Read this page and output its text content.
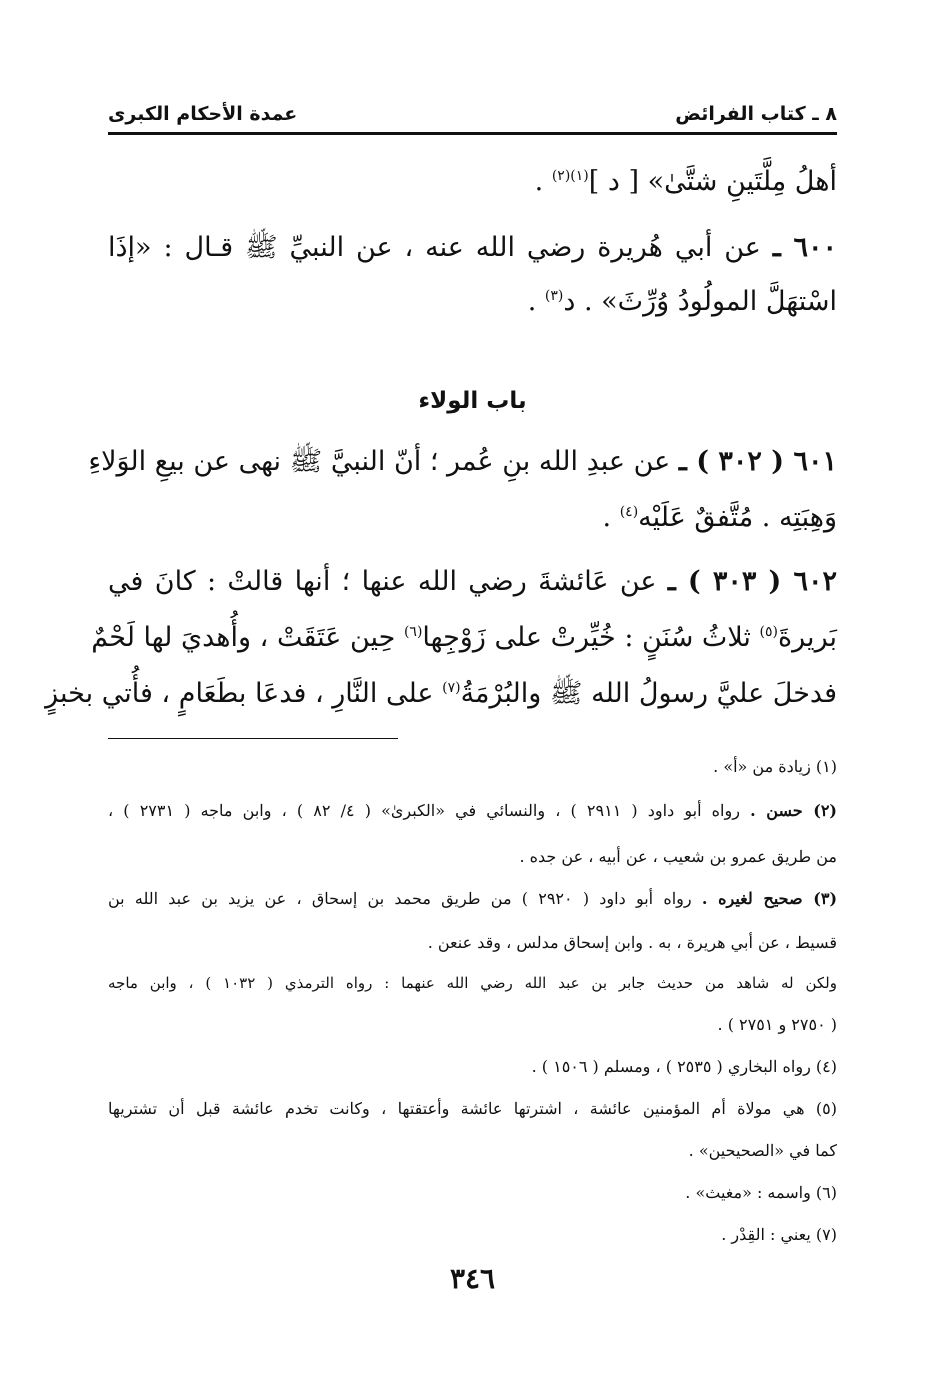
٨ ـ كتاب الفرائض
عمدة الأحكام الكبرى
أهلُ مِلَّتَينِ شتَّىٰ» [ د ]$^{(١)(٢)}$ .
٦٠٠ ـ عن أبي هُريرة رضي الله عنه ، عن النبيِّ ﷺ قـال : «إذَا
اسْتهَلَّ المولُودُ وُرِّثَ» . د$^{(٣)}$ .
باب الولاء
٦٠١ ( ٣٠٢ ) ـ عن عبدِ الله بنِ عُمر ؛ أنّ النبيَّ ﷺ نهى عن بيعِ الوَلاءِ
وَهِبَتِه . مُتَّفقٌ عَلَيْه$^{(٤)}$ .
٦٠٢ ( ٣٠٣ ) ـ عن عَائشةَ رضي الله عنها ؛ أنها قالتْ : كانَ في
بَريرةَ$^{(٥)}$ ثلاثُ سُنَنٍ : خُيِّرتْ على زَوْجِها$^{(٦)}$ حِين عَتَقَتْ ، وأُهديَ لها لَحْمٌ
فدخلَ عليَّ رسولُ الله ﷺ والبُرْمَةُ$^{(٧)}$ على النَّارِ ، فدعَا بطَعَامٍ ، فأُتي بخبزٍ
(١) زيادة من «أ» .
(٢) حسن . رواه أبو داود ( ٢٩١١ ) ، والنسائي في «الكبرىٰ» ( ٤/ ٨٢ ) ، وابن ماجه ( ٢٧٣١ ) ،
من طريق عمرو بن شعيب ، عن أبيه ، عن جده .
(٣) صحيح لغيره . رواه أبو داود ( ٢٩٢٠ ) من طريق محمد بن إسحاق ، عن يزيد بن عبد الله بن
قسيط ، عن أبي هريرة ، به . وابن إسحاق مدلس ، وقد عنعن .
ولكن له شاهد من حديث جابر بن عبد الله رضي الله عنهما : رواه الترمذي ( ١٠٣٢ ) ، وابن ماجه
( ٢٧٥٠ و ٢٧٥١ ) .
(٤) رواه البخاري ( ٢٥٣٥ ) ، ومسلم ( ١٥٠٦ ) .
(٥) هي مولاة أم المؤمنين عائشة ، اشترتها عائشة وأعتقتها ، وكانت تخدم عائشة قبل أن تشتريها
كما في «الصحيحين» .
(٦) واسمه : «مغيث» .
(٧) يعني : القِدْر .
٣٤٦
